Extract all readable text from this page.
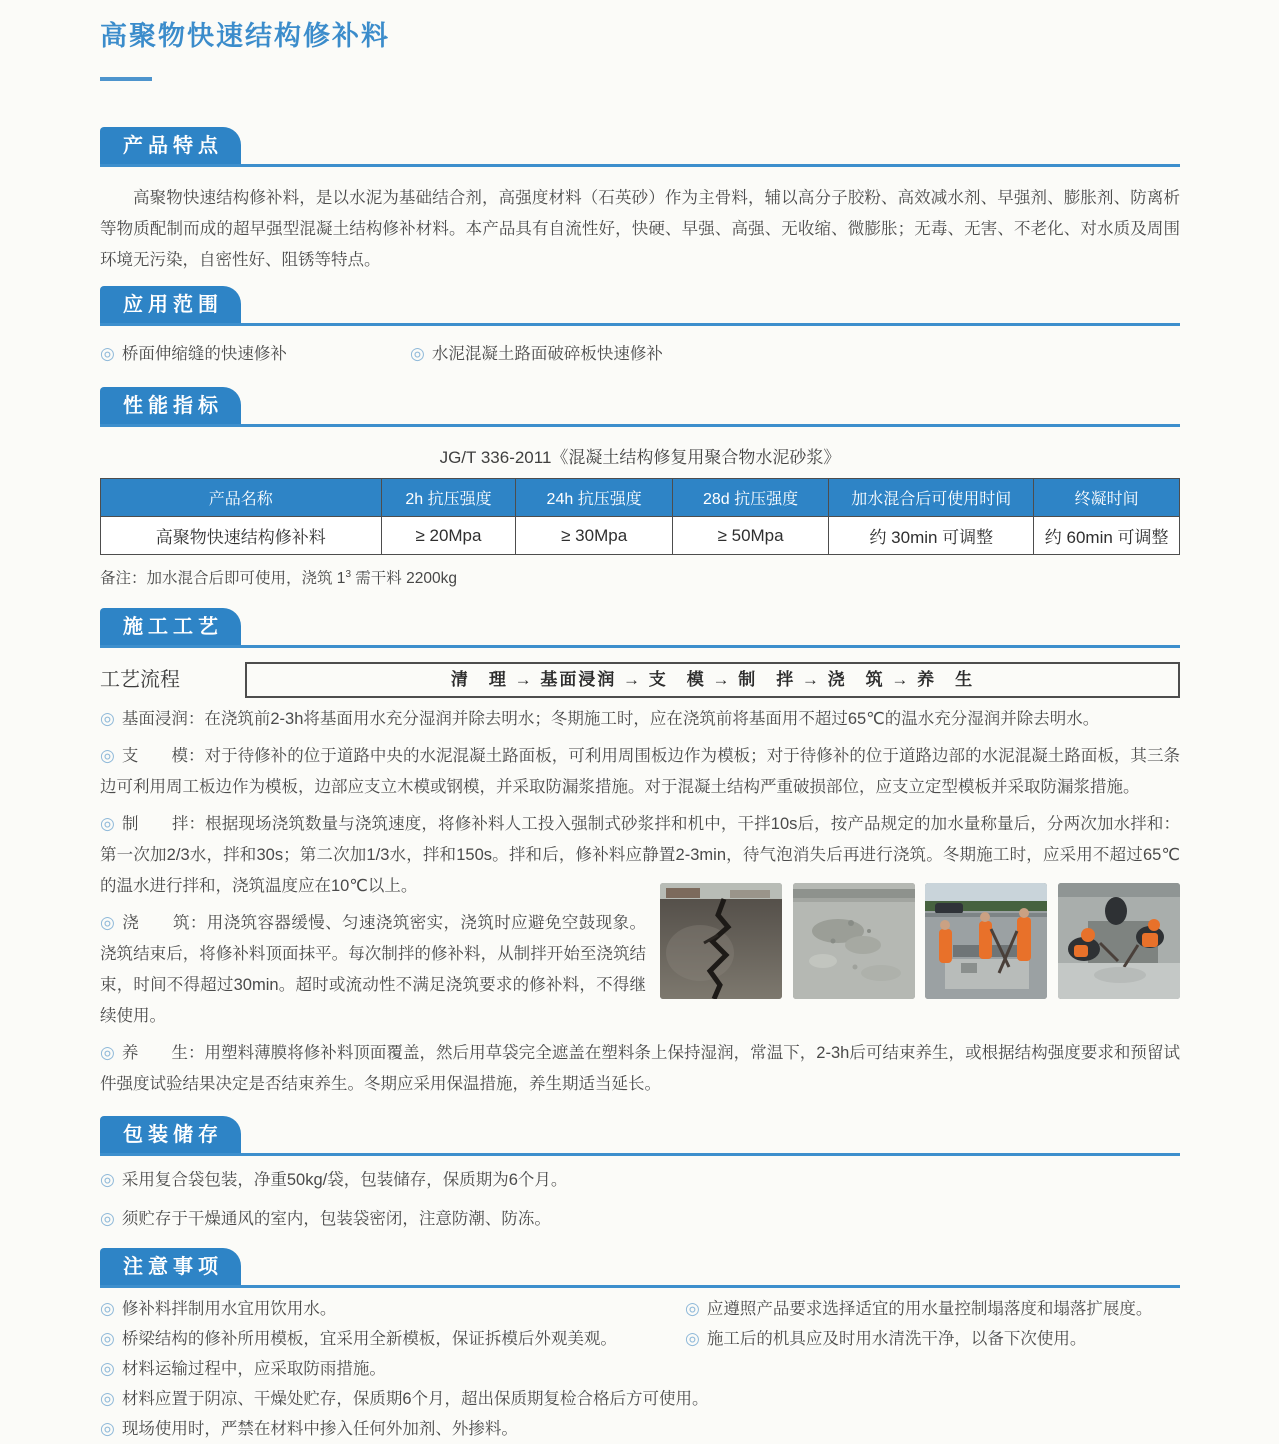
高聚物快速结构修补料
产品特点
高聚物快速结构修补料，是以水泥为基础结合剂，高强度材料（石英砂）作为主骨料，辅以高分子胶粉、高效减水剂、早强剂、膨胀剂、防离析等物质配制而成的超早强型混凝土结构修补材料。本产品具有自流性好，快硬、早强、高强、无收缩、微膨胀；无毒、无害、不老化、对水质及周围环境无污染，自密性好、阻锈等特点。
应用范围
◎ 桥面伸缩缝的快速修补	◎ 水泥混凝土路面破碎板快速修补
性能指标
JG/T 336-2011《混凝土结构修复用聚合物水泥砂浆》
产品名称	2h 抗压强度	24h 抗压强度	28d 抗压强度	加水混合后可使用时间	终凝时间
高聚物快速结构修补料	≥ 20Mpa	≥ 30Mpa	≥ 50Mpa	约 30min 可调整	约 60min 可调整
备注：加水混合后即可使用，浇筑 $1^3$ 需干料 2200kg
施工工艺
工艺流程	清　理 → 基面浸润 → 支　模 → 制　拌 → 浇　筑 → 养　生
◎ 基面浸润：在浇筑前2-3h将基面用水充分湿润并除去明水；冬期施工时，应在浇筑前将基面用不超过65℃的温水充分湿润并除去明水。
◎ 支　　模：对于待修补的位于道路中央的水泥混凝土路面板，可利用周围板边作为模板；对于待修补的位于道路边部的水泥混凝土路面板，其三条边可利用周工板边作为模板，边部应支立木模或钢模，并采取防漏浆措施。对于混凝土结构严重破损部位，应支立定型模板并采取防漏浆措施。
◎ 制　　拌：根据现场浇筑数量与浇筑速度，将修补料人工投入强制式砂浆拌和机中，干拌10s后，按产品规定的加水量称量后，分两次加水拌和：第一次加2/3水，拌和30s；第二次加1/3水，拌和150s。拌和后，修补料应静置2-3min，待气泡消失后再进行浇筑。冬期施工时，应采用不超过65℃的温水进行拌和，浇筑温度应在10℃以上。
◎ 浇　　筑：用浇筑容器缓慢、匀速浇筑密实，浇筑时应避免空鼓现象。浇筑结束后，将修补料顶面抹平。每次制拌的修补料，从制拌开始至浇筑结束，时间不得超过30min。超时或流动性不满足浇筑要求的修补料，不得继续使用。
◎ 养　　生：用塑料薄膜将修补料顶面覆盖，然后用草袋完全遮盖在塑料条上保持湿润，常温下，2-3h后可结束养生，或根据结构强度要求和预留试件强度试验结果决定是否结束养生。冬期应采用保温措施，养生期适当延长。
包装储存
◎ 采用复合袋包装，净重50kg/袋，包装储存，保质期为6个月。
◎ 须贮存于干燥通风的室内，包装袋密闭，注意防潮、防冻。
注意事项
◎ 修补料拌制用水宜用饮用水。	◎ 应遵照产品要求选择适宜的用水量控制塌落度和塌落扩展度。
◎ 桥梁结构的修补所用模板，宜采用全新模板，保证拆模后外观美观。	◎ 施工后的机具应及时用水清洗干净，以备下次使用。
◎ 材料运输过程中，应采取防雨措施。
◎ 材料应置于阴凉、干燥处贮存，保质期6个月，超出保质期复检合格后方可使用。
◎ 现场使用时，严禁在材料中掺入任何外加剂、外掺料。
